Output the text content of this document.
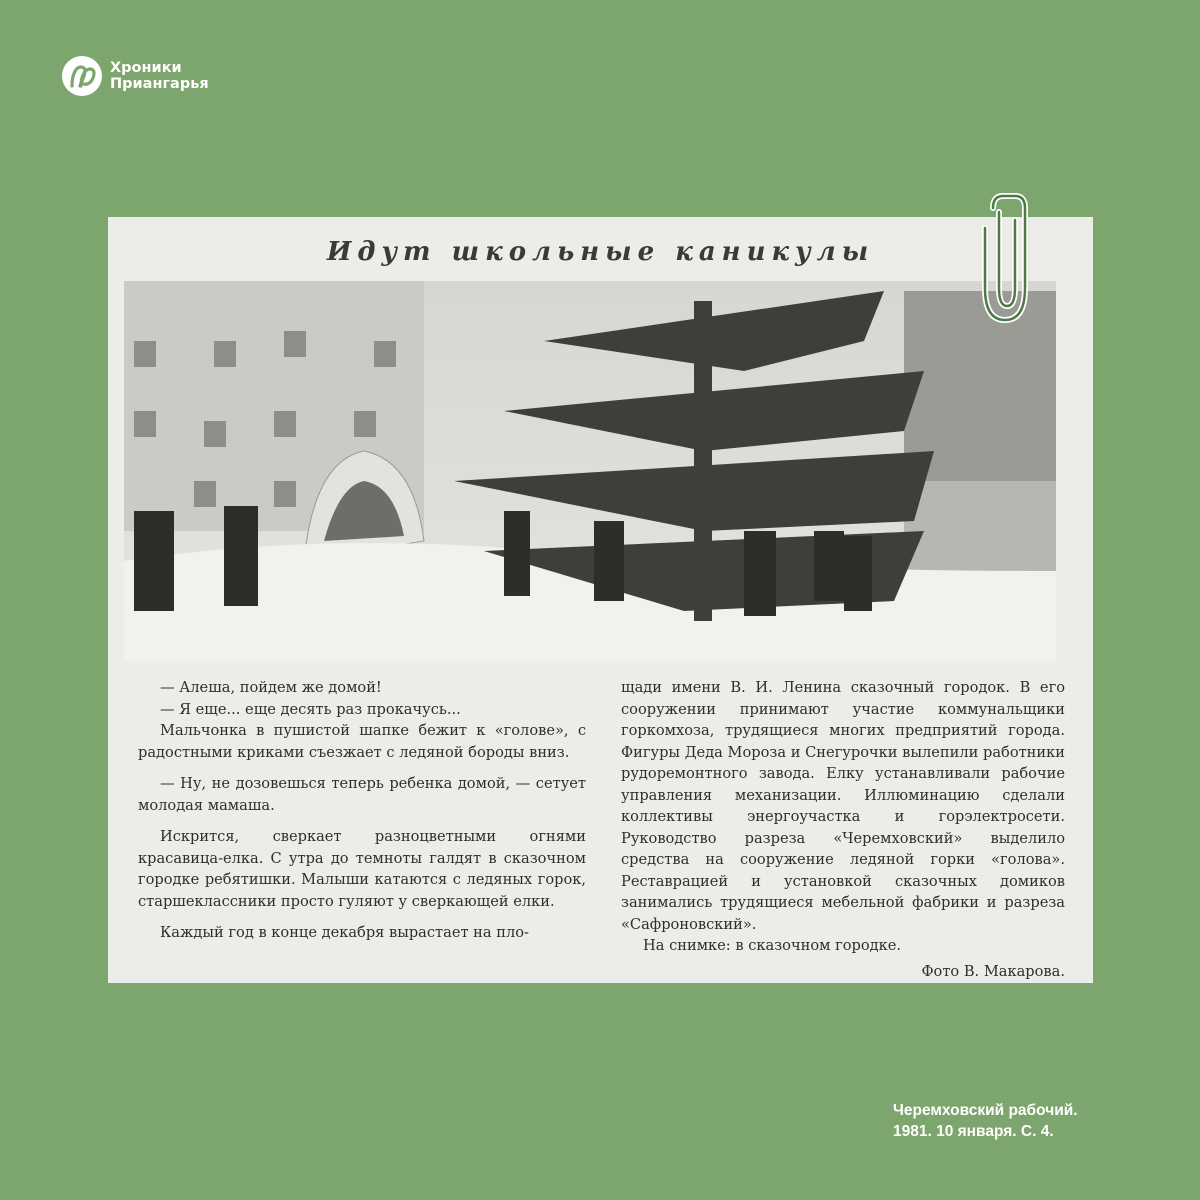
Хроники
Приангарья
Идут школьные каникулы

— Алеша, пойдем же домой!

— Я еще... еще десять раз прокачусь...

Мальчонка в пушистой шапке бежит к «голове», с радостными криками съезжает с ледяной бороды вниз.

— Ну, не дозовешься теперь ребенка домой, — сетует молодая мамаша.

Искрится, сверкает разноцветными огнями красавица-елка. С утра до темноты галдят в сказочном городке ребятишки. Малыши катаются с ледяных горок, старшеклассники просто гуляют у сверкающей елки.

Каждый год в конце декабря вырастает на пло-

щади имени В. И. Ленина сказочный городок. В его сооружении принимают участие коммунальщики горкомхоза, трудящиеся многих предприятий города. Фигуры Деда Мороза и Снегурочки вылепили работники рудоремонтного завода. Елку устанавливали рабочие управления механизации. Иллюминацию сделали коллективы энергоучастка и горэлектросети. Руководство разреза «Черемховский» выделило средства на сооружение ледяной горки «голова». Реставрацией и установкой сказочных домиков занимались трудящиеся мебельной фабрики и разреза «Сафроновский».

На снимке: в сказочном городке.

Фото В. Макарова.

Черемховский рабочий.
1981. 10 января. С. 4.
